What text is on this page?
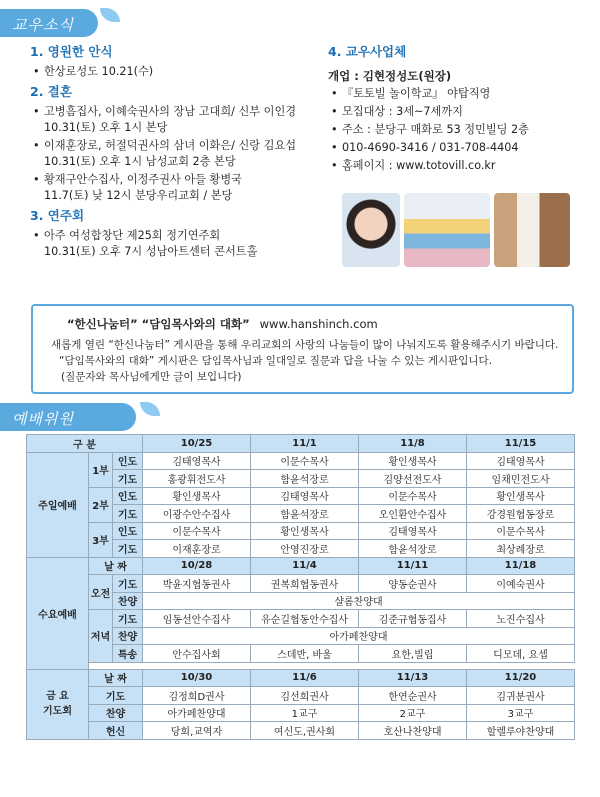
교우소식
1. 영원한 안식
• 한상로성도 10.21(수)
2. 결혼
• 고병흠집사, 이혜숙권사의 장남 고대희/ 신부 이인경
10.31(토) 오후 1시 본당
• 이재훈장로, 허절덕권사의 삼녀 이화은/ 신랑 김요섭
10.31(토) 오후 1시 남성교회 2층 본당
• 황재구안수집사, 이정주권사 아들 황병국
11.7(토) 낮 12시 분당우리교회 / 본당
3. 연주회
• 아주 여성합창단 제25회 정기연주회
10.31(토) 오후 7시 성남아트센터 콘서트홀
4. 교우사업체
개업 : 김현정성도(원장)
• 『토토빌 놀이학교』 야탑직영
• 모집대상 : 3세~7세까지
• 주소 : 분당구 매화로 53 정민빌딩 2층
• 010-4690-3416 / 031-708-4404
• 홈페이지 : www.totovill.co.kr
“한신나눔터” “담임목사와의 대화” www.hanshinch.com
새롭게 열린 “한신나눔터” 게시판을 통해 우리교회의 사랑의 나눔들이 많이 나눠지도록 활용해주시기 바랍니다.
“담임목사와의 대화” 게시판은 담임목사님과 일대일로 질문과 답을 나눌 수 있는 게시판입니다.
(질문자와 목사님에게만 글이 보입니다)
예배위원
구 분			10/25	11/1	11/8	11/15
주일예배	1부	인도	김태영목사	이문수목사	황인생목사	김태영목사
		기도	홍광휘전도사	함윤석장로	김양선전도사	임채민전도사
	2부	인도	황인생목사	김태영목사	이문수목사	황인생목사
		기도	이광수안수집사	함윤석장로	오인환안수집사	강경원협동장로
	3부	인도	이문수목사	황인생목사	김태영목사	이문수목사
		기도	이재훈장로	안영진장로	함윤석장로	최상례장로
수요예배	날 짜		10/28	11/4	11/11	11/18
	오전	기도	박윤지협동권사	권복희협동권사	양동순권사	이예숙권사
		찬양	샬롬찬양대			
	저녁	기도	임동선안수집사	유순길협동안수집사	김준규협동집사	노진수집사
		찬양	아가페찬양대			
		특송	안수집사회	스데반, 바울	요한,빌립	디모데, 요셉

금 요
기도회	날 짜		10/30	11/6	11/13	11/20
	기도		김정희D권사	김선희권사	한연순권사	김귀분권사
	찬양		아가페찬양대	1교구	2교구	3교구
	헌신		당회,교역자	여신도,권사회	호산나찬양대	할렐루야찬양대
